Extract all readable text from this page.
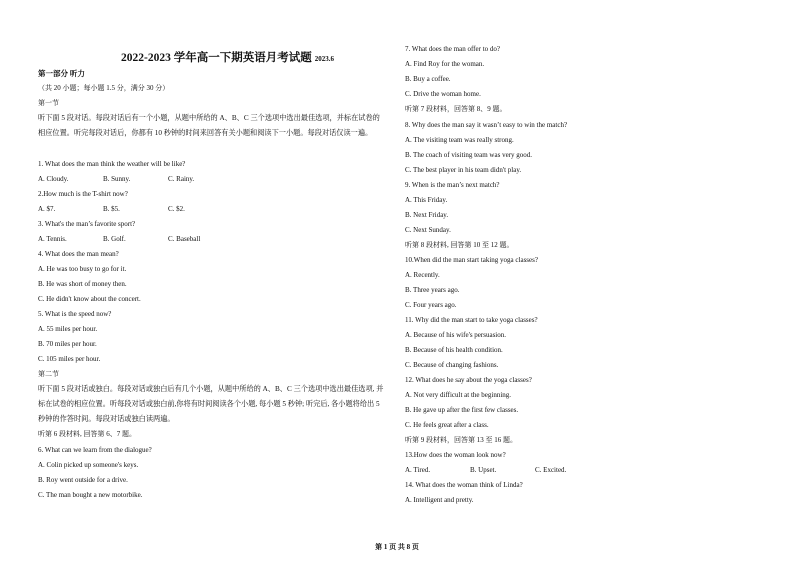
2022-2023 学年高一下期英语月考试题 2023.6
第一部分 听力
（共 20 小题；每小题 1.5 分，满分 30 分）
第一节
听下面 5 段对话。每段对话后有一个小题，从题中所给的 A、B、C 三个选项中选出最佳选项，并标在试卷的相应位置。听完每段对话后，你都有 10 秒钟的时间来回答有关小题和阅读下一小题。每段对话仅读一遍。
1. What does the man think the weather will be like?
A. Cloudy.	B. Sunny.	C. Rainy.
2.How much is the T-shirt now?
A. $7.	B. $5.	C. $2.
3. What's the man’s favorite sport?
A. Tennis.	B. Golf.	C. Baseball
4. What does the man mean?
A. He was too busy to go for it.
B. He was short of money then.
C. He didn't know about the concert.
5. What is the speed now?
A. 55 miles per hour.
B. 70 miles per hour.
C. 105 miles per hour.
第二节
听下面 5 段对话或独白。每段对话或独白后有几个小题，从题中所给的 A、B、C 三个选项中选出最佳选项, 并标在试卷的相应位置。听每段对话或独白前,你将有时间阅读各个小题, 每小题 5 秒钟; 听完后, 各小题将给出 5 秒钟的作答时间。每段对话或独白读两遍。
听第 6 段材料, 回答第 6、7 题。
6. What can we learn from the dialogue?
A. Colin picked up someone's keys.
B. Roy went outside for a drive.
C. The man bought a new motorbike.
7. What does the man offer to do?
A. Find Roy for the woman.
B. Buy a coffee.
C. Drive the woman home.
听第 7 段材料，回答第 8、9 题。
8. Why does the man say it wasn’t easy to win the match?
A. The visiting team was really strong.
B. The coach of visiting team was very good.
C. The best player in his team didn't play.
9. When is the man’s next match?
A. This Friday.
B. Next Friday.
C. Next Sunday.
听第 8 段材料, 回答第 10 至 12 题。
10.When did the man start taking yoga classes?
A. Recently.
B. Three years ago.
C. Four years ago.
11. Why did the man start to take yoga classes?
A. Because of his wife's persuasion.
B. Because of his health condition.
C. Because of changing fashions.
12. What does he say about the yoga classes?
A. Not very difficult at the beginning.
B. He gave up after the first few classes.
C. He feels great after a class.
听第 9 段材料，回答第 13 至 16 题。
13.How does the woman look now?
A. Tired.	B. Upset.	C. Excited.
14. What does the woman think of Linda?
A. Intelligent and pretty.
第 1 页 共 8 页
